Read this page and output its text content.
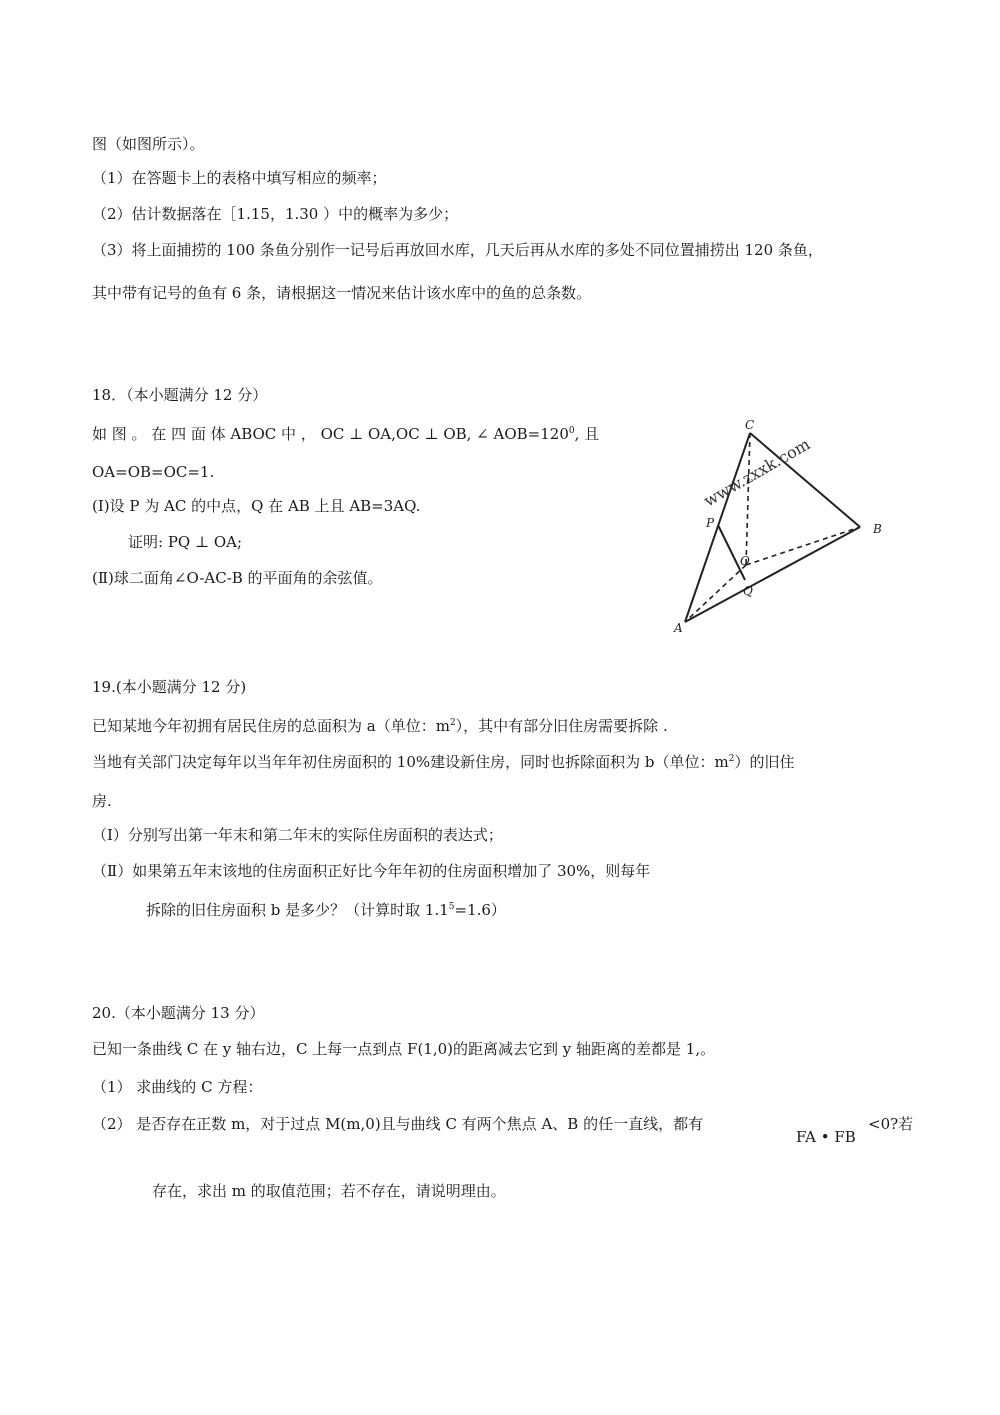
图（如图所示）。
（1）在答题卡上的表格中填写相应的频率；
（2）估计数据落在［1.15，1.30 ）中的概率为多少；
（3）将上面捕捞的 100 条鱼分别作一记号后再放回水库，几天后再从水库的多处不同位置捕捞出 120 条鱼，
其中带有记号的鱼有 6 条，请根据这一情况来估计该水库中的鱼的总条数。
18．（本小题满分 12 分）
如 图 。 在 四 面 体 ABOC 中 ， OC ⊥ OA,OC ⊥ OB, ∠ $AOB=120^0$, 且
OA=OB=OC=1.
(Ⅰ)设 P 为 AC 的中点，Q 在 AB 上且 AB=3AQ.
证明: PQ ⊥ OA;
(Ⅱ)球二面角∠O-AC-B 的平面角的余弦值。
www.zxxk.com
C
B
O
Q
A
P
19.(本小题满分 12 分)
已知某地今年初拥有居民住房的总面积为 a（单位：$m^2$），其中有部分旧住房需要拆除 .
当地有关部门决定每年以当年年初住房面积的 10%建设新住房，同时也拆除面积为 b（单位：$m^2$）的旧住
房.
（Ⅰ）分别写出第一年末和第二年末的实际住房面积的表达式；
（Ⅱ）如果第五年末该地的住房面积正好比今年年初的住房面积增加了 30%，则每年
拆除的旧住房面积 b 是多少？（计算时取 $1.1^5=1.6$）
20.（本小题满分 13 分）
已知一条曲线 C 在 y 轴右边，C 上每一点到点 F(1,0)的距离减去它到 y 轴距离的差都是 1,。
（1） 求曲线的 C 方程：
（2） 是否存在正数 m，对于过点 M(m,0)且与曲线 C 有两个焦点 A、B 的任一直线，都有
FA • FB
<0?若
存在，求出 m 的取值范围；若不存在，请说明理由。
